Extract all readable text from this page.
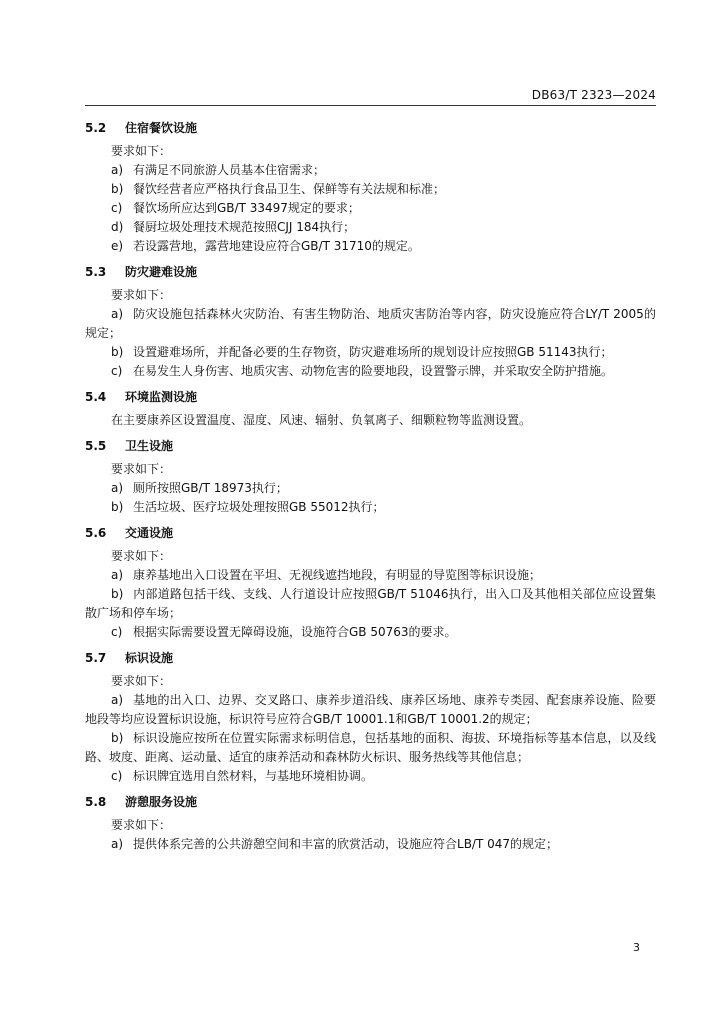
DB63/T 2323—2024
5.2	住宿餐饮设施

要求如下：

a) 有满足不同旅游人员基本住宿需求；

b) 餐饮经营者应严格执行食品卫生、保鲜等有关法规和标准；

c) 餐饮场所应达到GB/T 33497规定的要求；

d) 餐厨垃圾处理技术规范按照CJJ 184执行；

e) 若设露营地，露营地建设应符合GB/T 31710的规定。

5.3	防灾避难设施

要求如下：

a) 防灾设施包括森林火灾防治、有害生物防治、地质灾害防治等内容，防灾设施应符合LY/T 2005的规定；

b) 设置避难场所，并配备必要的生存物资，防灾避难场所的规划设计应按照GB 51143执行；

c) 在易发生人身伤害、地质灾害、动物危害的险要地段，设置警示牌，并采取安全防护措施。

5.4	环境监测设施

在主要康养区设置温度、湿度、风速、辐射、负氧离子、细颗粒物等监测设置。

5.5	卫生设施

要求如下：

a) 厕所按照GB/T 18973执行；

b) 生活垃圾、医疗垃圾处理按照GB 55012执行；

5.6	交通设施

要求如下：

a) 康养基地出入口设置在平坦、无视线遮挡地段，有明显的导览图等标识设施；

b) 内部道路包括干线、支线、人行道设计应按照GB/T 51046执行，出入口及其他相关部位应设置集散广场和停车场；

c) 根据实际需要设置无障碍设施，设施符合GB 50763的要求。

5.7	标识设施

要求如下：

a) 基地的出入口、边界、交叉路口、康养步道沿线、康养区场地、康养专类园、配套康养设施、险要地段等均应设置标识设施，标识符号应符合GB/T 10001.1和GB/T 10001.2的规定；

b) 标识设施应按所在位置实际需求标明信息，包括基地的面积、海拔、环境指标等基本信息，以及线路、坡度、距离、运动量、适宜的康养活动和森林防火标识、服务热线等其他信息；

c) 标识牌宜选用自然材料，与基地环境相协调。

5.8	游憩服务设施

要求如下：

a) 提供体系完善的公共游憩空间和丰富的欣赏活动，设施应符合LB/T 047的规定；

3
